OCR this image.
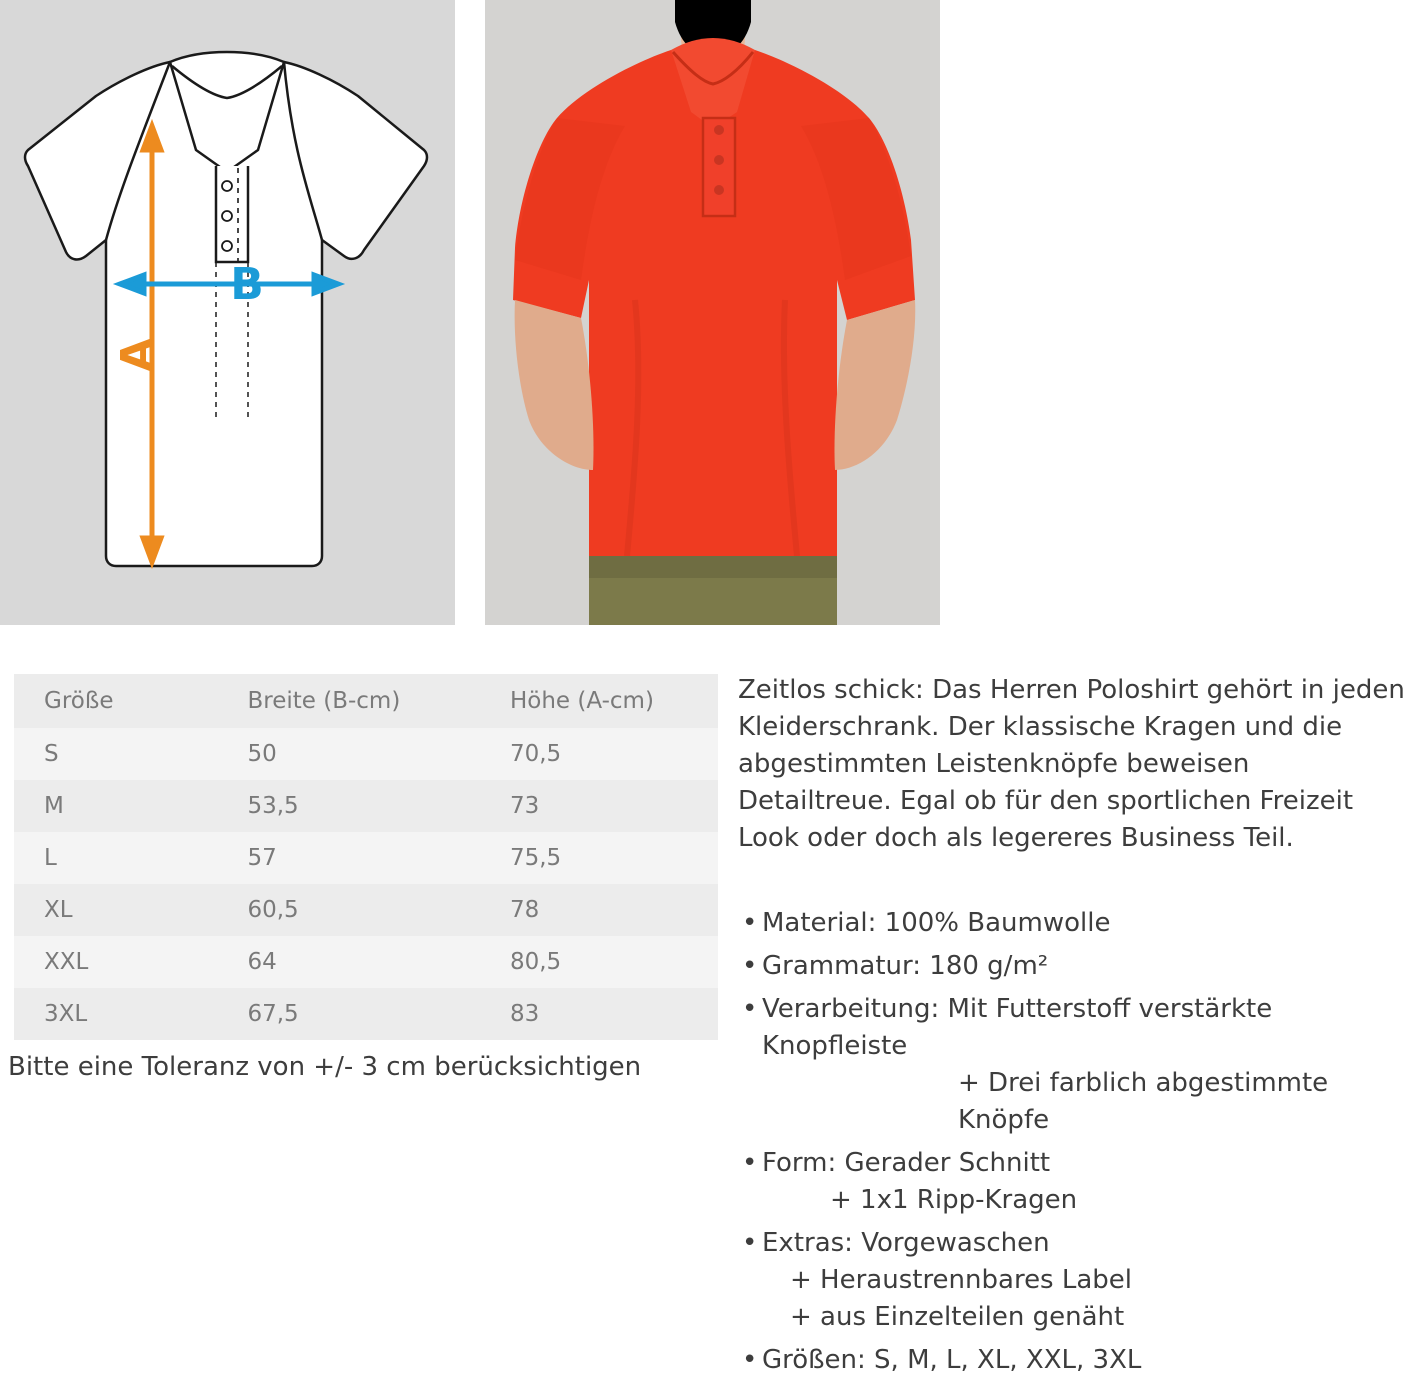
A
B
Größe	Breite (B-cm)	Höhe (A-cm)
S	50	70,5
M	53,5	73
L	57	75,5
XL	60,5	78
XXL	64	80,5
3XL	67,5	83
Bitte eine Toleranz von +/- 3 cm berücksichtigen

Zeitlos schick: Das Herren Poloshirt gehört in jeden Kleiderschrank. Der klassische Kragen und die abgestimmten Leistenknöpfe beweisen Detailtreue. Egal ob für den sportlichen Freizeit Look oder doch als legereres Business Teil.

• Material: 100% Baumwolle
• Grammatur: 180 g/m²
• Verarbeitung: Mit Futterstoff verstärkte Knopfleiste
+ Drei farblich abgestimmte Knöpfe
• Form: Gerader Schnitt
+ 1x1 Ripp-Kragen
• Extras: Vorgewaschen
+ Heraustrennbares Label
+ aus Einzelteilen genäht
• Größen: S, M, L, XL, XXL, 3XL
